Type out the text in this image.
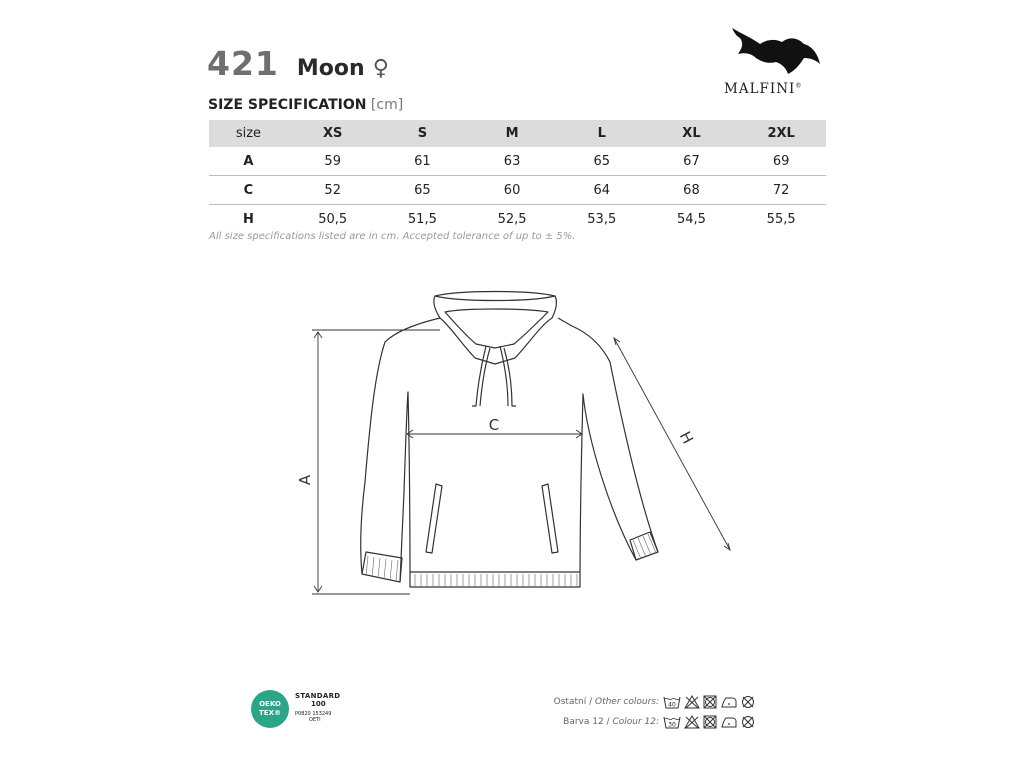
421 Moon ♀
MALFINI®
SIZE SPECIFICATION [cm]
size	XS	S	M	L	XL	2XL
A	59	61	63	65	67	69
C	52	65	60	64	68	72
H	50,5	51,5	52,5	53,5	54,5	55,5
All size specifications listed are in cm. Accepted tolerance of up to ± 5%.
A
C
H
OEKO
TEX®
STANDARD
100
P0820 153249
OETI
Ostatní / Other colours:	40
Barva 12 / Colour 12:	30
